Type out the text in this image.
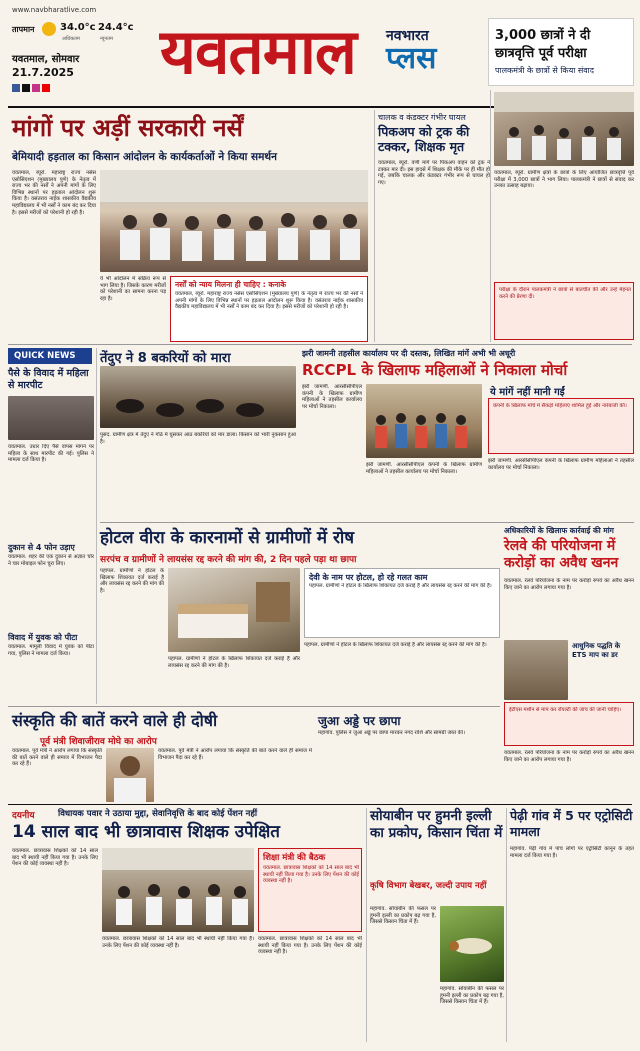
www.navbharatlive.com
तापमान	34.0°c
अधिकतम
24.4°c
न्यूनतम
यवतमाल, सोमवार
21.7.2025 यवतमाल नवभारत
प्लस
3,000 छात्रों ने दी
छात्रवृत्ति पूर्व परीक्षा
पालकमंत्री के छात्रों से किया संवाद
मांगों पर अड़ीं सरकारी नर्सें
बेमियादी हड़ताल का किसान आंदोलन के कार्यकर्ताओं ने किया समर्थन
यवतमाल, ब्यूरो. महाराष्ट्र राज्य नर्सेस एसोसिएशन (मुख्यालय पुणे) के नेतृत्व में राज्य भर की नर्सों ने अपनी मांगों के लिए विभिन्न स्थानों पर हड़ताल आंदोलन शुरू किया है। वसंतराव नाईक शासकीय वैद्यकीय महाविद्यालय में भी नर्सों ने काम बंद कर दिया है। इससे मरीजों को परेशानी हो रही है।
नर्सों को न्याय मिलना ही चाहिए : कनाके
यवतमाल, ब्यूरो. महाराष्ट्र राज्य नर्सेस एसोसिएशन (मुख्यालय पुणे) के नेतृत्व में राज्य भर की नर्सों ने अपनी मांगों के लिए विभिन्न स्थानों पर हड़ताल आंदोलन शुरू किया है। वसंतराव नाईक शासकीय वैद्यकीय महाविद्यालय में भी नर्सों ने काम बंद कर दिया है। इससे मरीजों को परेशानी हो रही है।
ये भी आंदोलन में सक्रिय रूप से भाग लिया है। जिसके कारण मरीजों को परेशानी का सामना करना पड़ रहा है।
चालक व कंडक्टर गंभीर घायल
पिकअप को ट्रक की टक्कर, शिक्षक मृत
यवतमाल, ब्यूरो. वणी मार्ग पर पिकअप वाहन को ट्रक ने टक्कर मार दी। इस हादसे में शिक्षक की मौके पर ही मौत हो गई, जबकि चालक और कंडक्टर गंभीर रूप से घायल हो गए।
यवतमाल, ब्यूरो. ग्रामीण क्षेत्रों के छात्रों के लिए आयोजित छात्रवृत्ति पूर्व परीक्षा में 3,000 छात्रों ने भाग लिया। पालकमंत्री ने छात्रों से संवाद कर उनका उत्साह बढ़ाया।
परीक्षा के दौरान पालकमंत्री ने छात्रों से बातचीत की और उन्हें मेहनत करने की प्रेरणा दी।
QUICK NEWS
पैसे के विवाद में महिला से मारपीट
यवतमाल. उधार दिए पैसे वापस मांगने पर महिला के साथ मारपीट की गई। पुलिस ने मामला दर्ज किया है।
दुकान से 4 फोन उड़ाए
यवतमाल. शहर की एक दुकान से अज्ञात चोर ने चार मोबाइल फोन चुरा लिए।
विवाद में युवक को पीटा
यवतमाल. मामूली विवाद में युवक को पीटा गया, पुलिस ने मामला दर्ज किया।
तेंदुए ने 8 बकरियों को मारा
पुसद. ग्रामीण क्षेत्र में तेंदुए ने गोठे में घुसकर आठ बकरियों को मार डाला। किसान को भारी नुकसान हुआ है।
झरी जामनी तहसील कार्यालय पर दी दस्तक, लिखित मांगें अभी भी अधूरी
RCCPL के खिलाफ महिलाओं ने निकाला मोर्चा
झरी जामणी. आरसीसीपीएल कंपनी के खिलाफ ग्रामीण महिलाओं ने तहसील कार्यालय पर मोर्चा निकाला।
झरी जामणी. आरसीसीपीएल कंपनी के खिलाफ ग्रामीण महिलाओं ने तहसील कार्यालय पर मोर्चा निकाला।
ये मांगें नहीं मानी गईं
कंपनी के खिलाफ मोर्चे में सैकड़ों महिलाएं शामिल हुईं और नारेबाजी की।
झरी जामणी. आरसीसीपीएल कंपनी के खिलाफ ग्रामीण महिलाओं ने तहसील कार्यालय पर मोर्चा निकाला।
होटल वीरा के कारनामों से ग्रामीणों में रोष
सरपंच व ग्रामीणों ने लायसंस रद्द करने की मांग की, 2 दिन पहले पड़ा था छापा
पहापल. ग्रामीणों ने होटल के खिलाफ शिकायत दर्ज कराई है और लायसंस रद्द करने की मांग की है।
पहापल. ग्रामीणों ने होटल के खिलाफ शिकायत दर्ज कराई है और लायसंस रद्द करने की मांग की है।
देवी के नाम पर होटल, हो रहे गलत काम
पहापल. ग्रामीणों ने होटल के खिलाफ शिकायत दर्ज कराई है और लायसंस रद्द करने की मांग की है।
पहापल. ग्रामीणों ने होटल के खिलाफ शिकायत दर्ज कराई है और लायसंस रद्द करने की मांग की है।
अधिकारियों के खिलाफ कार्रवाई की मांग
रेलवे की परियोजना में करोड़ों का अवैध खनन
यवतमाल. रेलवे परियोजना के नाम पर करोड़ों रुपये का अवैध खनन किए जाने का आरोप लगाया गया है।
आधुनिक पद्धति के ETS माप का डर
ईटीएस मशीन से माप कर रॉयल्टी की जांच की जानी चाहिए।
यवतमाल. रेलवे परियोजना के नाम पर करोड़ों रुपये का अवैध खनन किए जाने का आरोप लगाया गया है।
संस्कृति की बातें करने वाले ही दोषी
पूर्व मंत्री शिवाजीराव मोघे का आरोप
यवतमाल. पूर्व मंत्री ने आरोप लगाया कि संस्कृति की बातें करने वाले ही समाज में विभाजन पैदा कर रहे हैं।
यवतमाल. पूर्व मंत्री ने आरोप लगाया कि संस्कृति की बातें करने वाले ही समाज में विभाजन पैदा कर रहे हैं।
जुआ अड्डे पर छापा
महागांव. पुलिस ने जुआ अड्डे पर छापा मारकर नगद राशि और सामग्री जब्त की।
दयनीय	विधायक पवार ने उठाया मुद्दा, सेवानिवृत्ति के बाद कोई पेंशन नहीं
14 साल बाद भी छात्रावास शिक्षक उपेक्षित
यवतमाल. छात्रावास शिक्षकों को 14 साल बाद भी स्थायी नहीं किया गया है। उनके लिए पेंशन की कोई व्यवस्था नहीं है।
यवतमाल. छात्रावास शिक्षकों को 14 साल बाद भी स्थायी नहीं किया गया है। उनके लिए पेंशन की कोई व्यवस्था नहीं है।
शिक्षा मंत्री की बैठक
यवतमाल. छात्रावास शिक्षकों को 14 साल बाद भी स्थायी नहीं किया गया है। उनके लिए पेंशन की कोई व्यवस्था नहीं है।
यवतमाल. छात्रावास शिक्षकों को 14 साल बाद भी स्थायी नहीं किया गया है। उनके लिए पेंशन की कोई व्यवस्था नहीं है।
सोयाबीन पर हुमनी इल्ली का प्रकोप, किसान चिंता में
कृषि विभाग बेखबर, जल्दी उपाय नहीं
महागांव. सोयाबीन की फसल पर हुमनी इल्ली का प्रकोप बढ़ गया है, जिससे किसान चिंता में हैं।
महागांव. सोयाबीन की फसल पर हुमनी इल्ली का प्रकोप बढ़ गया है, जिससे किसान चिंता में हैं।
पेढ़ी गांव में 5 पर एट्रोसिटी मामला
महागांव. पेढ़ी गांव में पांच लोगों पर एट्रोसिटी कानून के तहत मामला दर्ज किया गया है।
